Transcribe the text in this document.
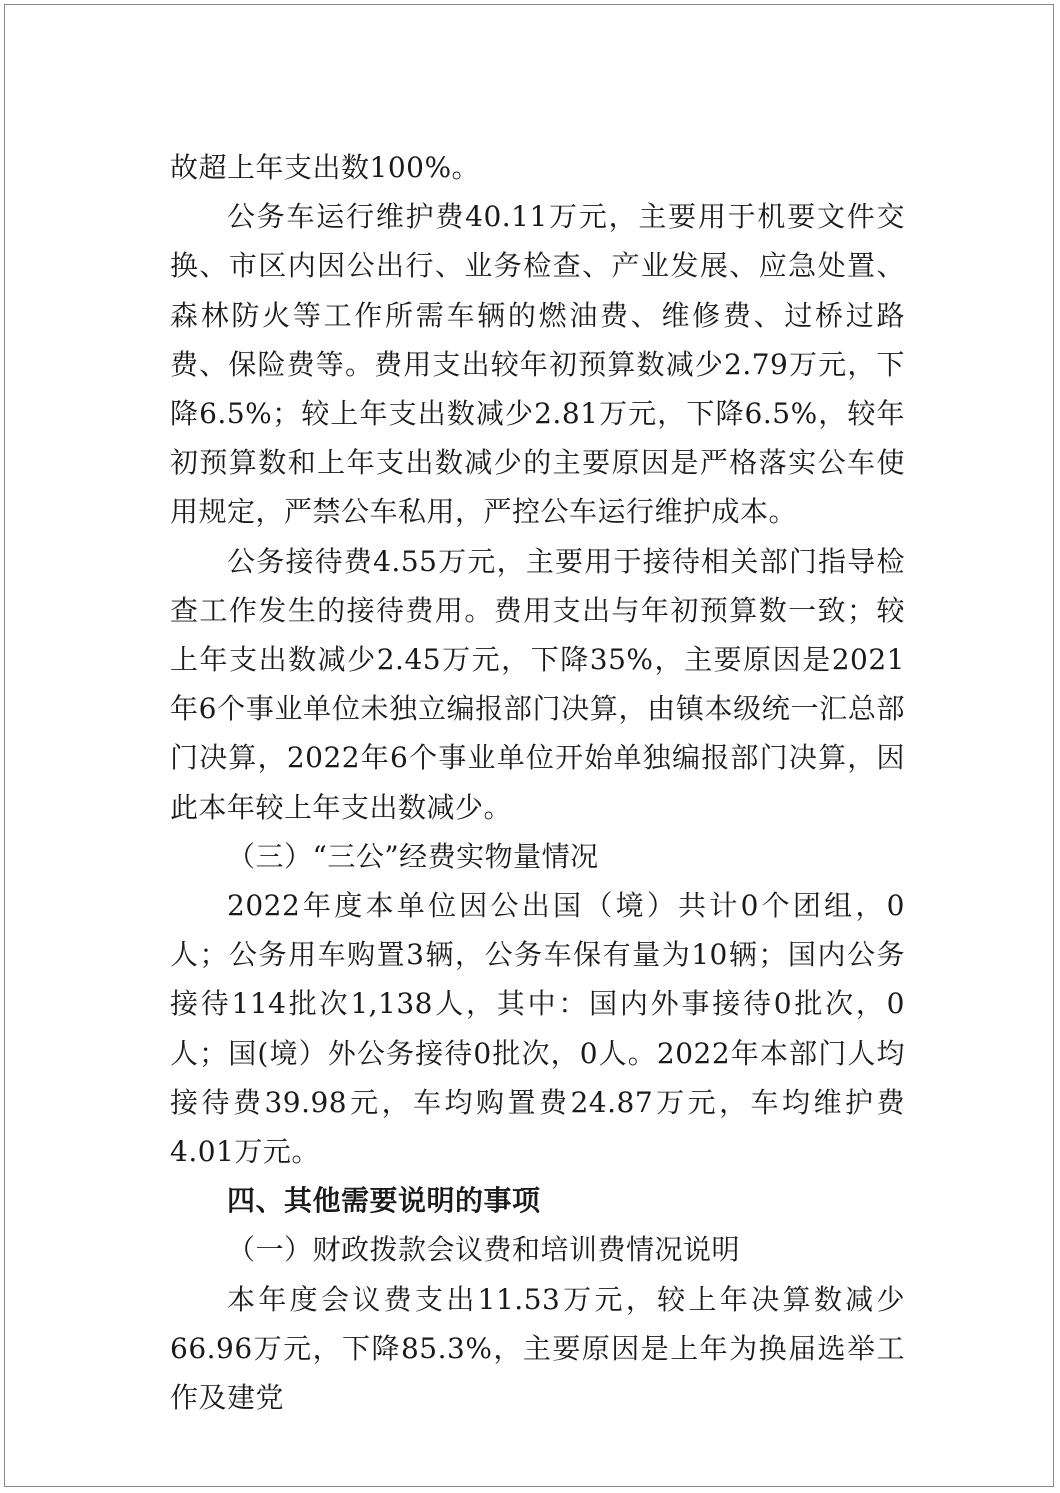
故超上年支出数100%。

公务车运行维护费40.11万元，主要用于机要文件交换、市区内因公出行、业务检查、产业发展、应急处置、森林防火等工作所需车辆的燃油费、维修费、过桥过路费、保险费等。费用支出较年初预算数减少2.79万元，下降6.5%；较上年支出数减少2.81万元，下降6.5%，较年初预算数和上年支出数减少的主要原因是严格落实公车使用规定，严禁公车私用，严控公车运行维护成本。

公务接待费4.55万元，主要用于接待相关部门指导检查工作发生的接待费用。费用支出与年初预算数一致；较上年支出数减少2.45万元，下降35%，主要原因是2021年6个事业单位未独立编报部门决算，由镇本级统一汇总部门决算，2022年6个事业单位开始单独编报部门决算，因此本年较上年支出数减少。

（三）“三公”经费实物量情况

2022年度本单位因公出国（境）共计0个团组，0人；公务用车购置3辆，公务车保有量为10辆；国内公务接待114批次1,138人，其中：国内外事接待0批次，0人；国(境）外公务接待0批次，0人。2022年本部门人均接待费39.98元，车均购置费24.87万元，车均维护费4.01万元。

四、其他需要说明的事项

（一）财政拨款会议费和培训费情况说明

本年度会议费支出11.53万元，较上年决算数减少66.96万元，下降85.3%，主要原因是上年为换届选举工作及建党
